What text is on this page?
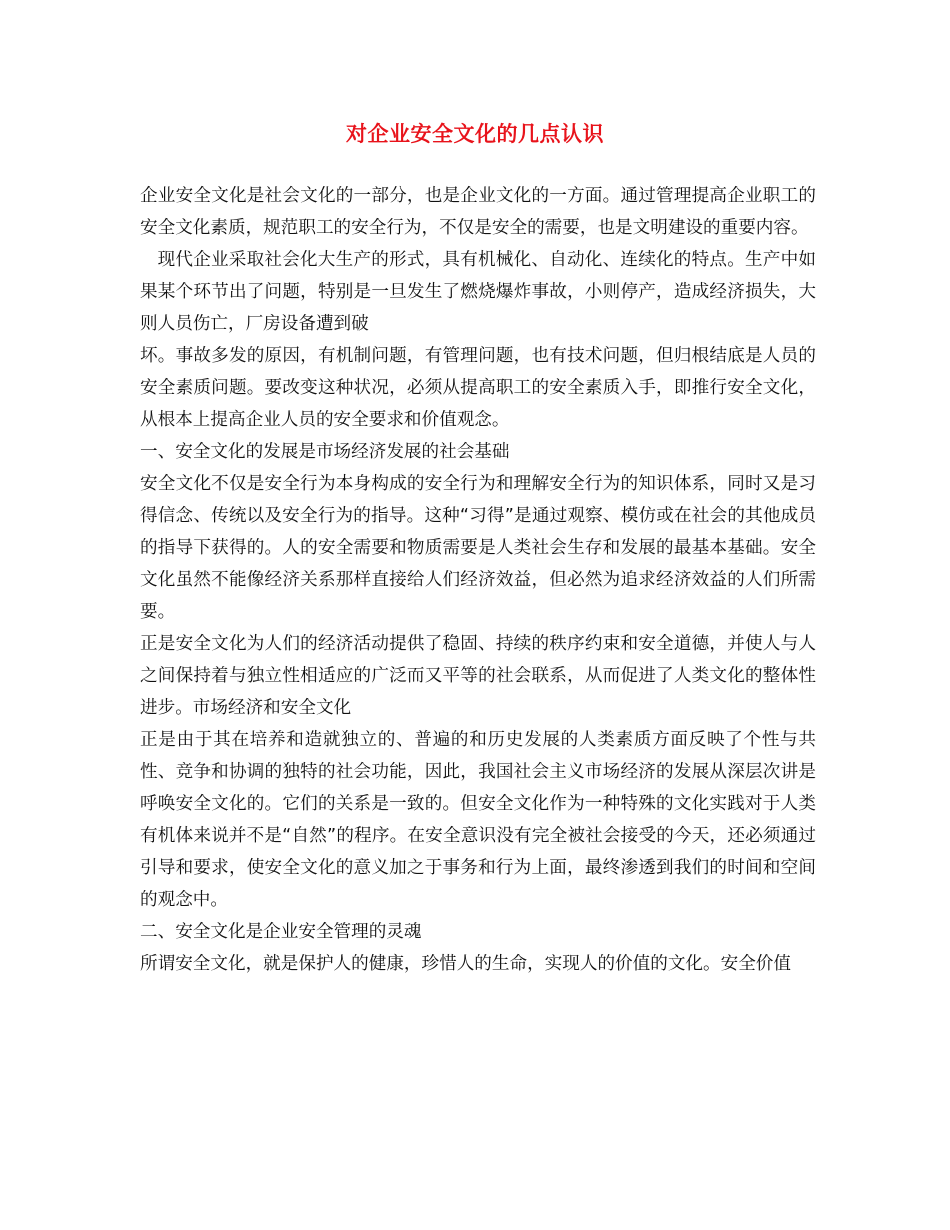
对企业安全文化的几点认识

企业安全文化是社会文化的一部分，也是企业文化的一方面。通过管理提高企业职工的安全文化素质，规范职工的安全行为，不仅是安全的需要，也是文明建设的重要内容。

现代企业采取社会化大生产的形式，具有机械化、自动化、连续化的特点。生产中如果某个环节出了问题，特别是一旦发生了燃烧爆炸事故，小则停产，造成经济损失，大则人员伤亡，厂房设备遭到破

坏。事故多发的原因，有机制问题，有管理问题，也有技术问题，但归根结底是人员的安全素质问题。要改变这种状况，必须从提高职工的安全素质入手，即推行安全文化，从根本上提高企业人员的安全要求和价值观念。

一、安全文化的发展是市场经济发展的社会基础

安全文化不仅是安全行为本身构成的安全行为和理解安全行为的知识体系，同时又是习得信念、传统以及安全行为的指导。这种“习得”是通过观察、模仿或在社会的其他成员的指导下获得的。人的安全需要和物质需要是人类社会生存和发展的最基本基础。安全文化虽然不能像经济关系那样直接给人们经济效益，但必然为追求经济效益的人们所需要。

正是安全文化为人们的经济活动提供了稳固、持续的秩序约束和安全道德，并使人与人之间保持着与独立性相适应的广泛而又平等的社会联系，从而促进了人类文化的整体性进步。市场经济和安全文化

正是由于其在培养和造就独立的、普遍的和历史发展的人类素质方面反映了个性与共性、竞争和协调的独特的社会功能，因此，我国社会主义市场经济的发展从深层次讲是呼唤安全文化的。它们的关系是一致的。但安全文化作为一种特殊的文化实践对于人类有机体来说并不是“自然”的程序。在安全意识没有完全被社会接受的今天，还必须通过引导和要求，使安全文化的意义加之于事务和行为上面，最终渗透到我们的时间和空间的观念中。

二、安全文化是企业安全管理的灵魂

所谓安全文化，就是保护人的健康，珍惜人的生命，实现人的价值的文化。安全价值
